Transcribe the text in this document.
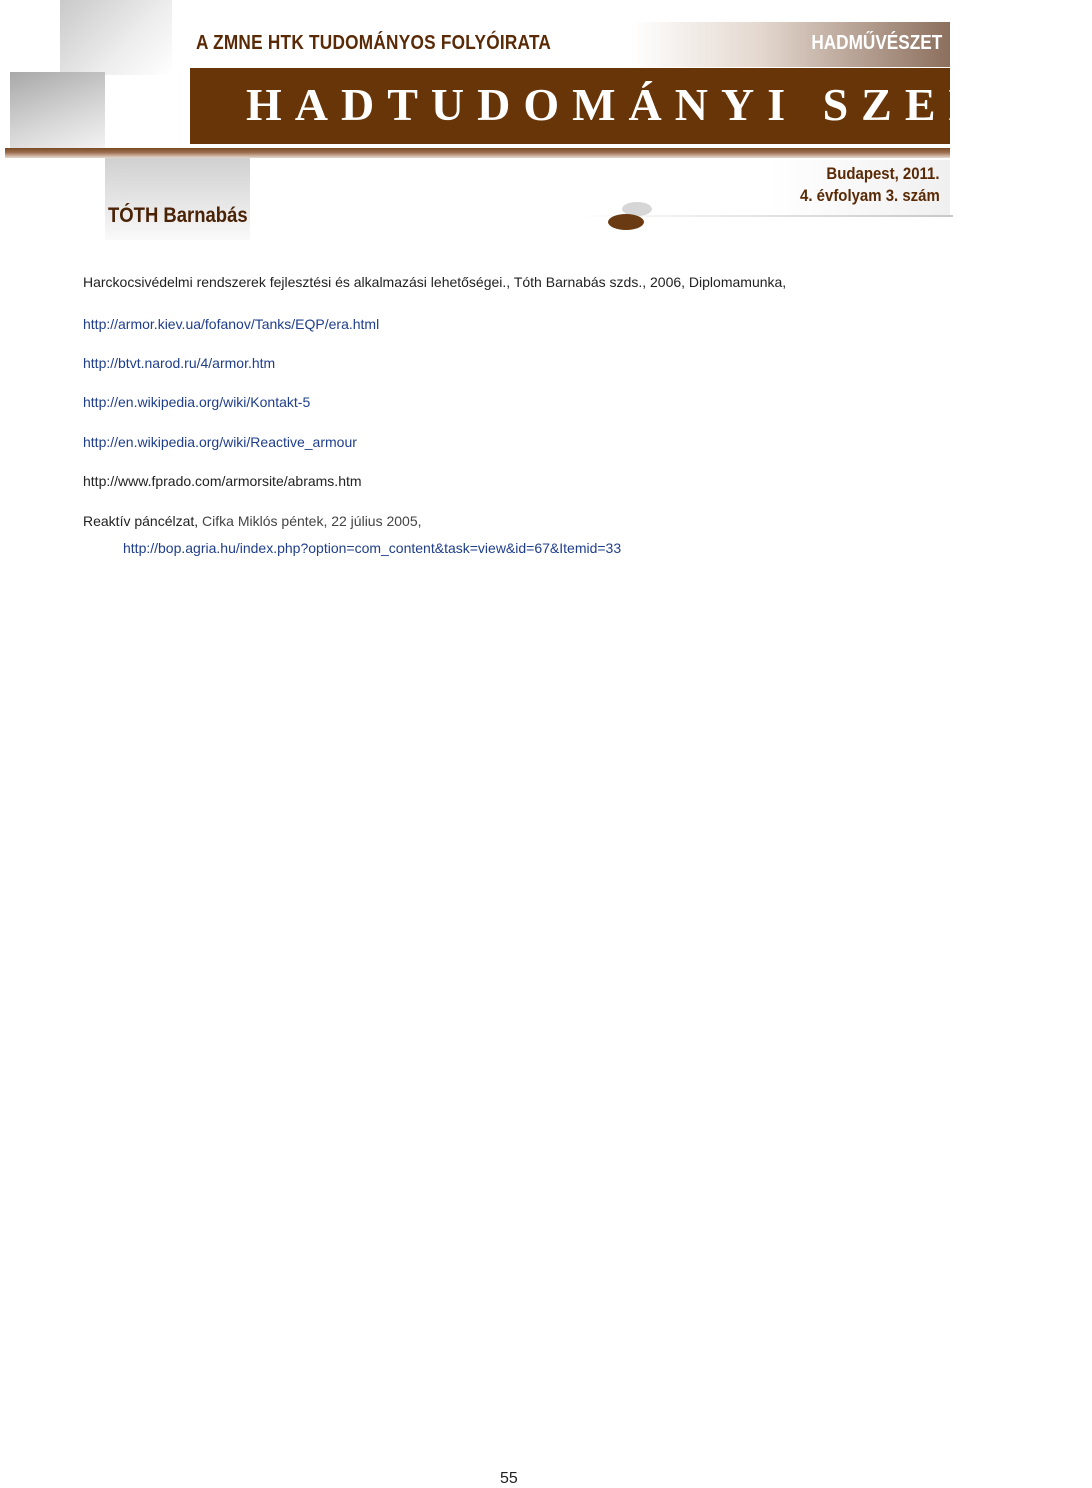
A ZMNE HTK TUDOMÁNYOS FOLYÓIRATA	HADMŰVÉSZET
HADTUDOMÁNYI SZEMLE
Budapest, 2011.
4. évfolyam 3. szám
TÓTH Barnabás
Harckocsivédelmi rendszerek fejlesztési és alkalmazási lehetőségei., Tóth Barnabás szds., 2006, Diplomamunka,
http://armor.kiev.ua/fofanov/Tanks/EQP/era.html
http://btvt.narod.ru/4/armor.htm
http://en.wikipedia.org/wiki/Kontakt-5
http://en.wikipedia.org/wiki/Reactive_armour
http://www.fprado.com/armorsite/abrams.htm
Reaktív páncélzat, Cifka Miklós péntek, 22 július 2005,
http://bop.agria.hu/index.php?option=com_content&task=view&id=67&Itemid=33
55
